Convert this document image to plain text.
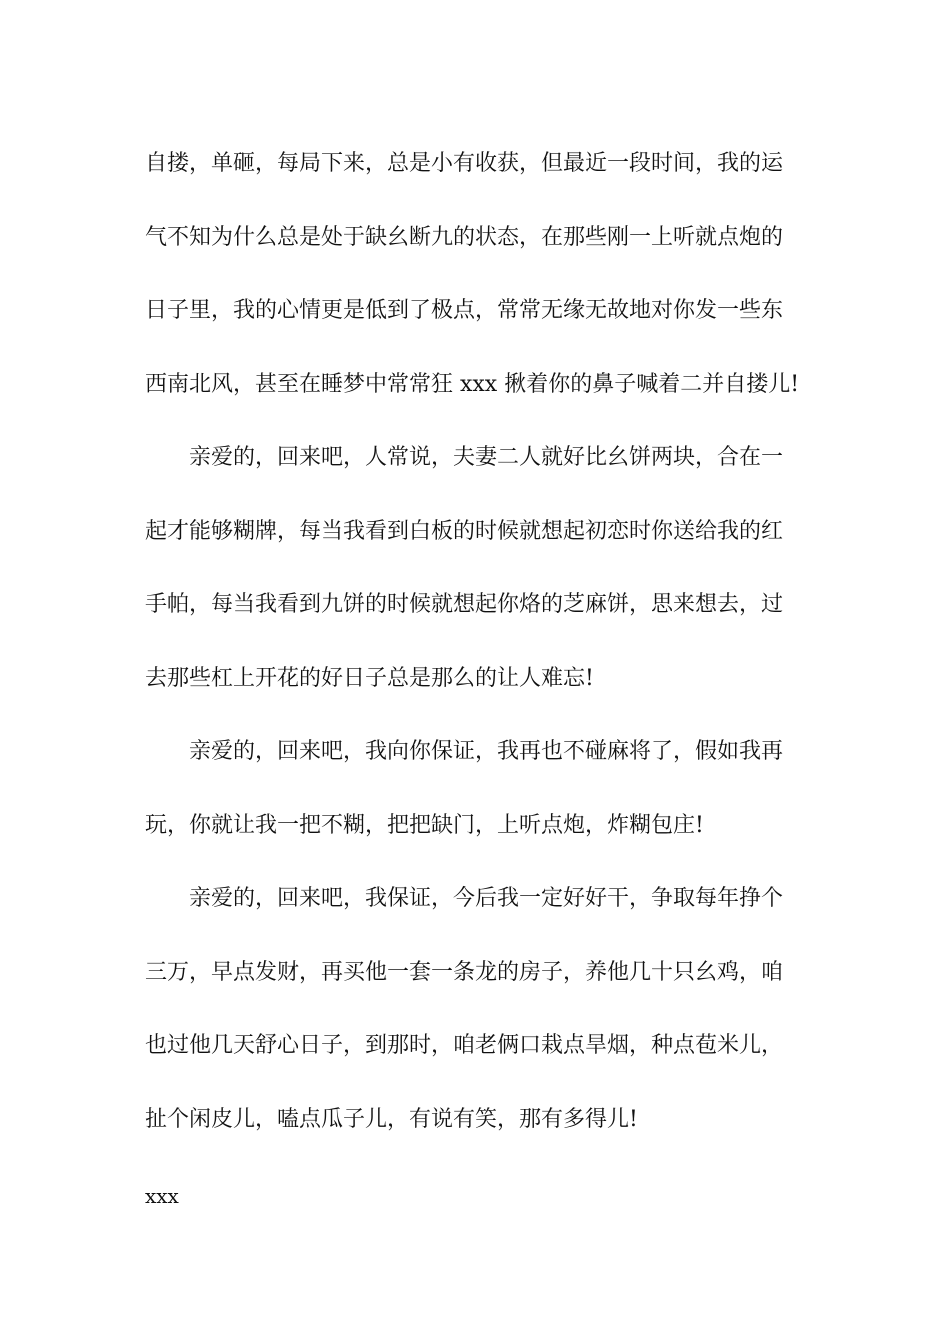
自搂，单砸，每局下来，总是小有收获，但最近一段时间，我的运
气不知为什么总是处于缺幺断九的状态，在那些刚一上听就点炮的
日子里，我的心情更是低到了极点，常常无缘无故地对你发一些东
西南北风，甚至在睡梦中常常狂 xxx 揪着你的鼻子喊着二并自搂儿!
亲爱的，回来吧，人常说，夫妻二人就好比幺饼两块，合在一
起才能够糊牌，每当我看到白板的时候就想起初恋时你送给我的红
手帕，每当我看到九饼的时候就想起你烙的芝麻饼，思来想去，过
去那些杠上开花的好日子总是那么的让人难忘!
亲爱的，回来吧，我向你保证，我再也不碰麻将了，假如我再
玩，你就让我一把不糊，把把缺门，上听点炮，炸糊包庄!
亲爱的，回来吧，我保证，今后我一定好好干，争取每年挣个
三万，早点发财，再买他一套一条龙的房子，养他几十只幺鸡，咱
也过他几天舒心日子，到那时，咱老俩口栽点旱烟，种点苞米儿，
扯个闲皮儿，嗑点瓜子儿，有说有笑，那有多得儿!
xxx
